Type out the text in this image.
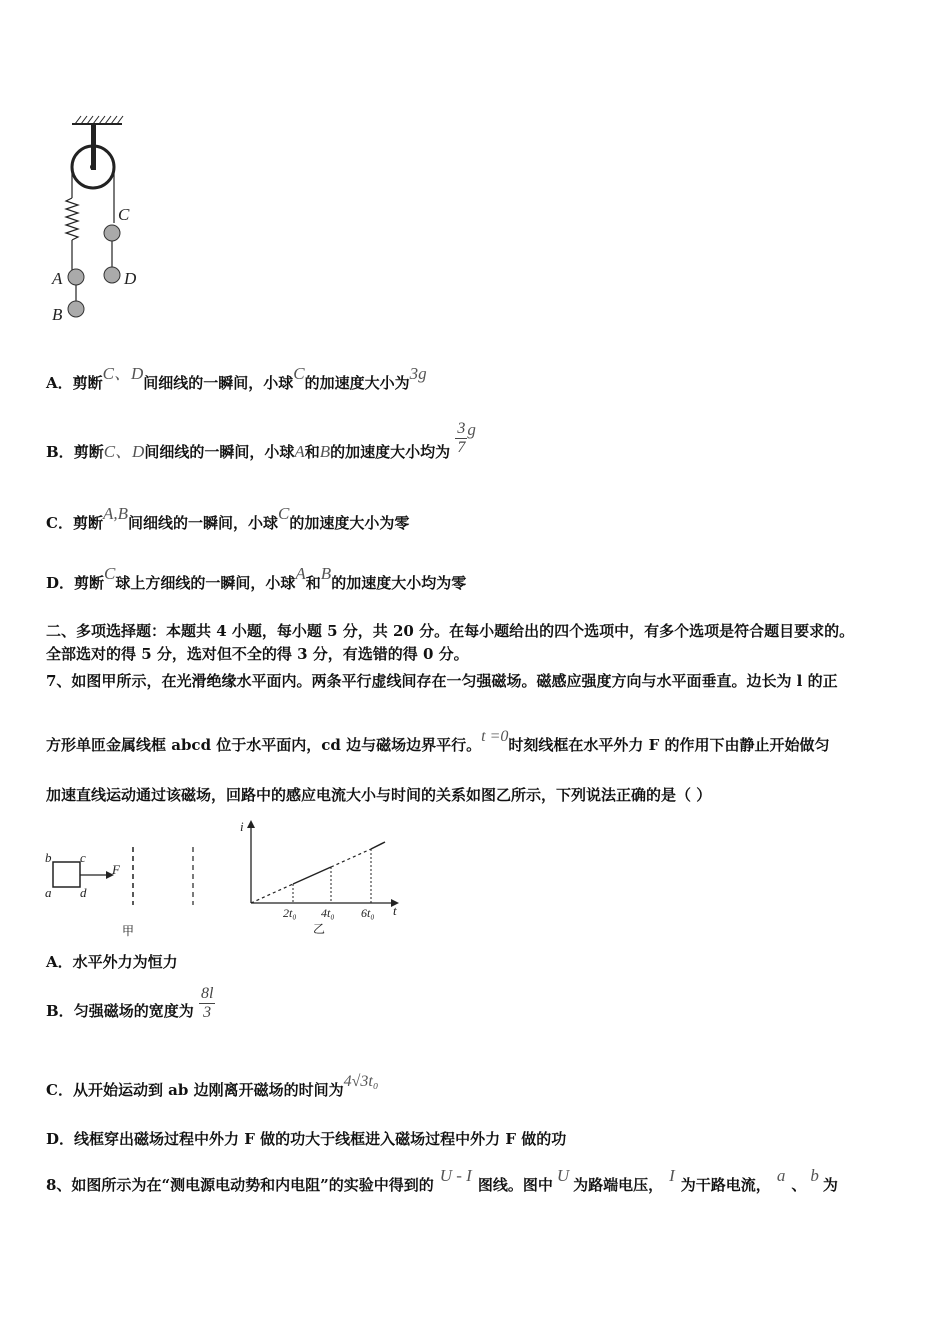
C
D
A
B
A．剪断C、D间细线的一瞬间，小球C的加速度大小为3g
B．剪断C、D间细线的一瞬间，小球A和B的加速度大小均为 $\frac{3}{7}$ g
C．剪断A,B间细线的一瞬间，小球C的加速度大小为零
D．剪断C球上方细线的一瞬间，小球A和B的加速度大小均为零
二、多项选择题：本题共 4 小题，每小题 5 分，共 20 分。在每小题给出的四个选项中，有多个选项是符合题目要求的。
全部选对的得 5 分，选对但不全的得 3 分，有选错的得 0 分。
7、如图甲所示，在光滑绝缘水平面内。两条平行虚线间存在一匀强磁场。磁感应强度方向与水平面垂直。边长为 l 的正
方形单匝金属线框 abcd 位于水平面内，cd 边与磁场边界平行。t =0时刻线框在水平外力 F 的作用下由静止开始做匀
加速直线运动通过该磁场，回路中的感应电流大小与时间的关系如图乙所示，下列说法正确的是（ ）
b c
a d
F
甲
i
t
2t₀ 4t₀ 6t₀
乙
A．水平外力为恒力
B．匀强磁场的宽度为 $\frac{8l}{3}$
C．从开始运动到 ab 边刚离开磁场的时间为4√3t₀
D．线框穿出磁场过程中外力 F 做的功大于线框进入磁场过程中外力 F 做的功
8、如图所示为在“测电源电动势和内电阻”的实验中得到的 U - I 图线。图中 U 为路端电压， I 为干路电流， a 、 b 为
